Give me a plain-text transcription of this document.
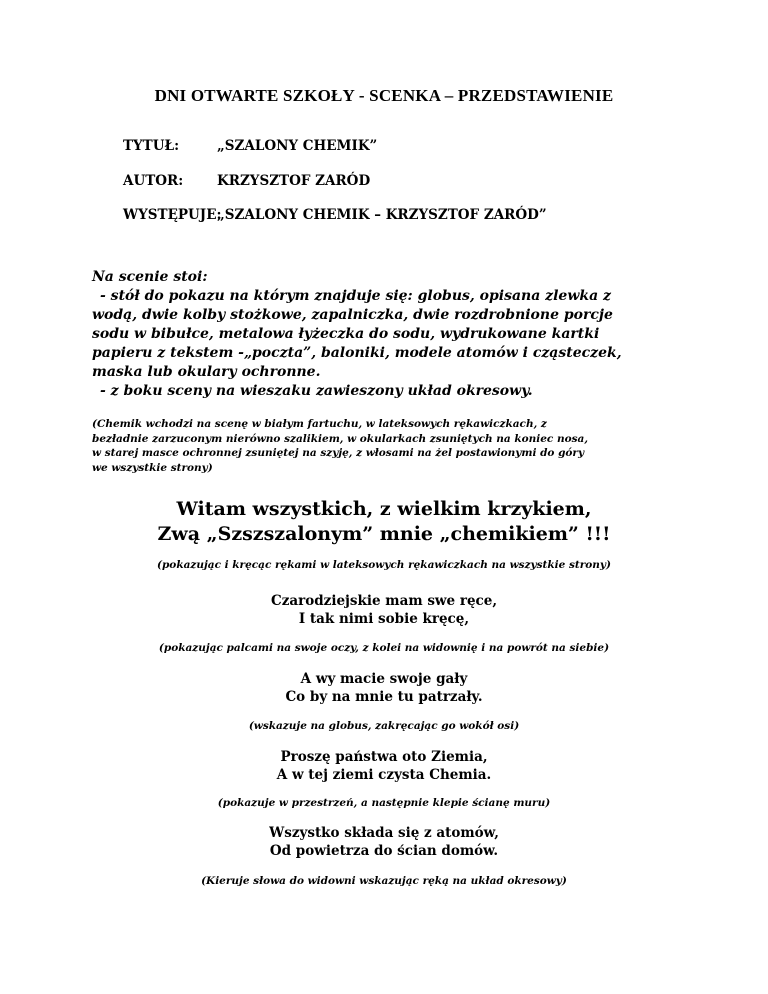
DNI OTWARTE SZKOŁY - SCENKA – PRZEDSTAWIENIE
TYTUŁ:	„SZALONY CHEMIK”
AUTOR: KRZYSZTOF ZARÓD
WYSTĘPUJE:
„SZALONY CHEMIK – KRZYSZTOF ZARÓD”

Na scenie stoi:

- stół do pokazu na którym znajduje się: globus, opisana zlewka z

wodą, dwie kolby stożkowe, zapalniczka, dwie rozdrobnione porcje

sodu w bibułce, metalowa łyżeczka do sodu, wydrukowane kartki

papieru z tekstem -„poczta”, baloniki, modele atomów i cząsteczek,

maska lub okulary ochronne.

- z boku sceny na wieszaku zawieszony układ okresowy.

(Chemik wchodzi na scenę w białym fartuchu, w lateksowych rękawiczkach, z
bezładnie zarzuconym nierówno szalikiem, w okularkach zsuniętych na koniec nosa,
w starej masce ochronnej zsuniętej na szyję, z włosami na żel postawionymi do góry
we wszystkie strony)
Witam wszystkich, z wielkim krzykiem,
Zwą „Szszszalonym” mnie „chemikiem” !!!
(pokazując i kręcąc rękami w lateksowych rękawiczkach na wszystkie strony)
Czarodziejskie mam swe ręce,
I tak nimi sobie kręcę,
(pokazując palcami na swoje oczy, z kolei na widownię i na powrót na siebie)
A wy macie swoje gały
Co by na mnie tu patrzały.
(wskazuje na globus, zakręcając go wokół osi)
Proszę państwa oto Ziemia,
A w tej ziemi czysta Chemia.
(pokazuje w przestrzeń, a następnie klepie ścianę muru)
Wszystko składa się z atomów,
Od powietrza do ścian domów.
(Kieruje słowa do widowni wskazując ręką na układ okresowy)
